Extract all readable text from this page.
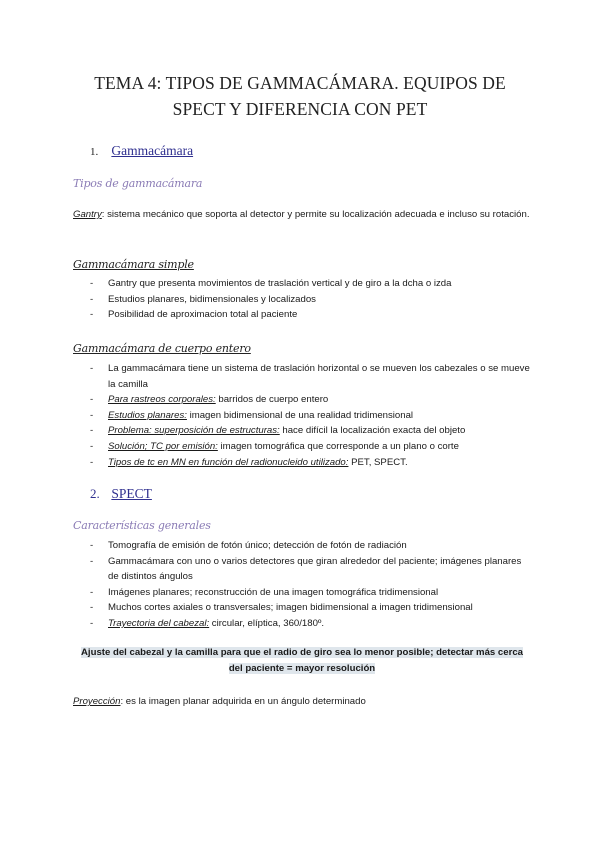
TEMA 4: TIPOS DE GAMMACÁMARA. EQUIPOS DE
SPECT Y DIFERENCIA CON PET
1. Gammacámara
Tipos de gammacámara
Gantry: sistema mecánico que soporta al detector y permite su localización adecuada e incluso su rotación.
Gammacámara simple
- Gantry que presenta movimientos de traslación vertical y de giro a la dcha o izda
- Estudios planares, bidimensionales y localizados
- Posibilidad de aproximacion total al paciente
Gammacámara de cuerpo entero
- La gammacámara tiene un sistema de traslación horizontal o se mueven los cabezales o se mueve la camilla
- Para rastreos corporales: barridos de cuerpo entero
- Estudios planares: imagen bidimensional de una realidad tridimensional
- Problema: superposición de estructuras: hace difícil la localización exacta del objeto
- Solución; TC por emisión: imagen tomográfica que corresponde a un plano o corte
- Tipos de tc en MN en función del radionucleido utilizado: PET, SPECT.
2. SPECT
Características generales
- Tomografía de emisión de fotón único; detección de fotón de radiación
- Gammacámara con uno o varios detectores que giran alrededor del paciente; imágenes planares de distintos ángulos
- Imágenes planares; reconstrucción de una imagen tomográfica tridimensional
- Muchos cortes axiales o transversales; imagen bidimensional a imagen tridimensional
- Trayectoria del cabezal: circular, elíptica, 360/180º.
Ajuste del cabezal y la camilla para que el radio de giro sea lo menor posible; detectar más cerca
del paciente = mayor resolución
Proyección: es la imagen planar adquirida en un ángulo determinado
